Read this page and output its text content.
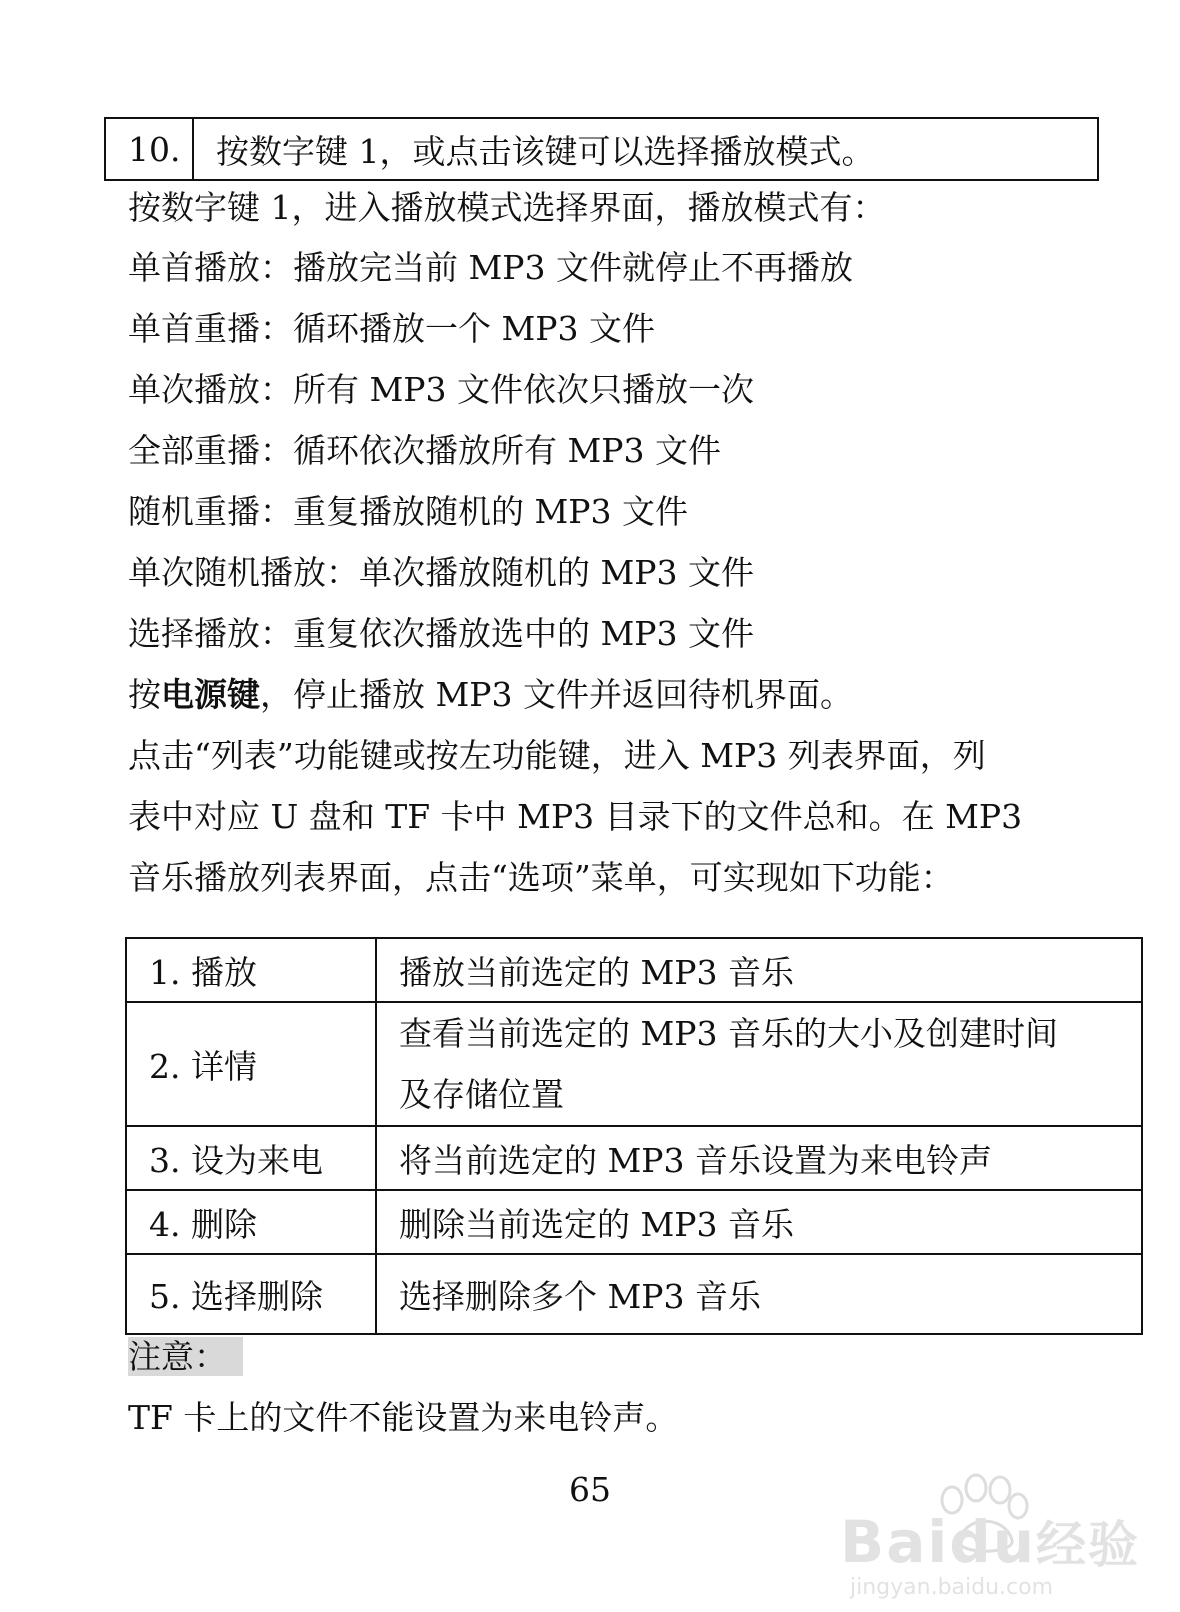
10.	按数字键 1，或点击该键可以选择播放模式。
按数字键 1，进入播放模式选择界面，播放模式有：
单首播放：播放完当前 MP3 文件就停止不再播放
单首重播：循环播放一个 MP3 文件
单次播放：所有 MP3 文件依次只播放一次
全部重播：循环依次播放所有 MP3 文件
随机重播：重复播放随机的 MP3 文件
单次随机播放：单次播放随机的 MP3 文件
选择播放：重复依次播放选中的 MP3 文件
按电源键，停止播放 MP3 文件并返回待机界面。
点击“列表”功能键或按左功能键，进入 MP3 列表界面，列
表中对应 U 盘和 TF 卡中 MP3 目录下的文件总和。在 MP3
音乐播放列表界面，点击“选项”菜单，可实现如下功能：
1. 播放	播放当前选定的 MP3 音乐
2. 详情	查看当前选定的 MP3 音乐的大小及创建时间
及存储位置

3. 设为来电	将当前选定的 MP3 音乐设置为来电铃声
4. 删除	删除当前选定的 MP3 音乐
5. 选择删除	选择删除多个 MP3 音乐
注意：
TF 卡上的文件不能设置为来电铃声。
65
Baidu经验
jingyan.baidu.com
